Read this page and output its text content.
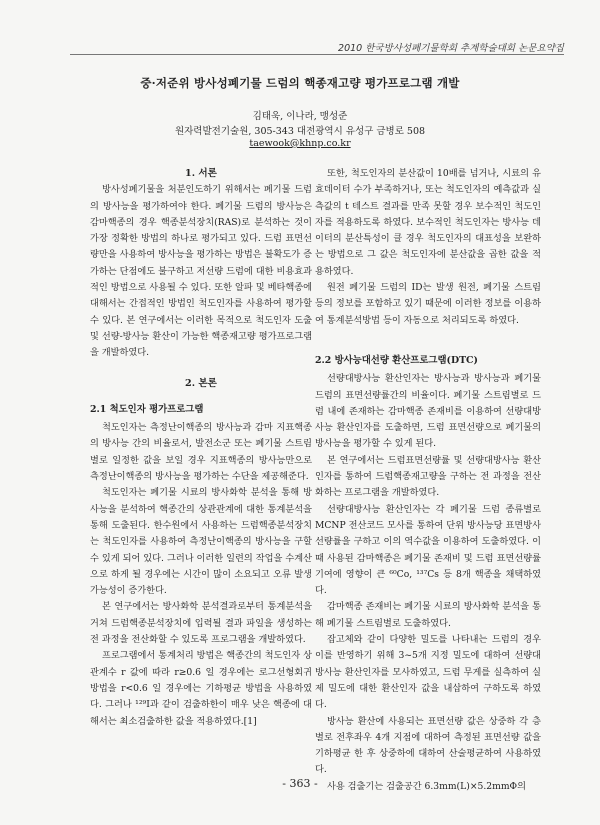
2010 한국방사성폐기물학회 추계학술대회 논문요약집
중·저준위 방사성폐기물 드럼의 핵종재고량 평가프로그램 개발
김태욱, 이나라, 맹성준
원자력발전기술원, 305-343 대전광역시 유성구 금병로 508
taewook@khnp.co.kr

1. 서론

방사성폐기물을 처분인도하기 위해서는 폐기물 드럼의 방사능을 평가하여야 한다. 폐기물 드럼의 방사능은 감마핵종의 경우 핵종분석장치(RAS)로 분석하는 것이 가장 정확한 방법의 하나로 평가되고 있다. 드럼 표면선량만을 사용하여 방사능을 평가하는 방법은 불확도가 증가하는 단점에도 불구하고 저선량 드럼에 대한 비용효과적인 방법으로 사용될 수 있다. 또한 알파 및 베타핵종에 대해서는 간접적인 방법인 척도인자를 사용하여 평가할 수 있다. 본 연구에서는 이러한 목적으로 척도인자 도출 및 선량-방사능 환산이 가능한 핵종재고량 평가프로그램을 개발하였다.

2. 본론

2.1 척도인자 평가프로그램

척도인자는 측정난이핵종의 방사능과 감마 지표핵종의 방사능 간의 비율로서, 발전소군 또는 폐기물 스트림별로 일정한 값을 보일 경우 지표핵종의 방사능만으로 측정난이핵종의 방사능을 평가하는 수단을 제공해준다.

척도인자는 폐기물 시료의 방사화학 분석을 통해 방사능을 분석하여 핵종간의 상관관계에 대한 통계분석을 통해 도출된다. 한수원에서 사용하는 드럼핵종분석장치는 척도인자를 사용하여 측정난이핵종의 방사능을 구할 수 있게 되어 있다. 그러나 이러한 일련의 작업을 수계산으로 하게 될 경우에는 시간이 많이 소요되고 오류 발생 가능성이 증가한다.

본 연구에서는 방사화학 분석결과로부터 통계분석을 거쳐 드럼핵종분석장치에 입력될 결과 파일을 생성하는 전 과정을 전산화할 수 있도록 프로그램을 개발하였다.

프로그램에서 통계처리 방법은 핵종간의 척도인자 상관계수 r 값에 따라 r≥0.6 일 경우에는 로그선형회귀 방법을 r<0.6 일 경우에는 기하평균 방법을 사용하였다. 그러나 ¹²⁹I과 같이 검출하한이 매우 낮은 핵종에 대해서는 최소검출하한 값을 적용하였다.[1]

또한, 척도인자의 분산값이 10배를 넘거나, 시료의 유효데이터 수가 부족하거나, 또는 척도인자의 예측값과 실측값의 t 테스트 결과를 만족 못할 경우 보수적인 척도인자를 적용하도록 하였다. 보수적인 척도인자는 방사능 데이터의 분산특성이 클 경우 척도인자의 대표성을 보완하는 방법으로 그 값은 척도인자에 분산값을 곱한 값을 적용하였다.

원전 폐기물 드럼의 ID는 발생 원전, 폐기물 스트림 등의 정보를 포함하고 있기 때문에 이러한 정보를 이용하여 통계분석방법 등이 자동으로 처리되도록 하였다.

2.2 방사능대선량 환산프로그램(DTC)

선량대방사능 환산인자는 방사능과 방사능과 폐기물 드럼의 표면선량률간의 비율이다. 폐기물 스트림별로 드럼 내에 존재하는 감마핵종 존재비를 이용하여 선량대방사능 환산인자를 도출하면, 드럼 표면선량으로 폐기물의 방사능을 평가할 수 있게 된다.

본 연구에서는 드럼표면선량률 및 선량대방사능 환산인자를 통하여 드럼핵종재고량을 구하는 전 과정을 전산화하는 프로그램을 개발하였다.

선량대방사능 환산인자는 각 폐기물 드럼 종류별로 MCNP 전산코드 모사를 통하여 단위 방사능당 표면방사선량률을 구하고 이의 역수값을 이용하여 도출하였다. 이때 사용된 감마핵종은 폐기물 존재비 및 드럼 표면선량률 기여에 영향이 큰 ⁶⁰Co, ¹³⁷Cs 등 8개 핵종을 채택하였다.

감마핵종 존재비는 폐기물 시료의 방사화학 분석을 통해 폐기물 스트림별로 도출하였다.

잡고체와 같이 다양한 밀도를 나타내는 드럼의 경우 이를 반영하기 위해 3~5개 지정 밀도에 대하여 선량대방사능 환산인자를 모사하였고, 드럼 무게를 실측하여 실제 밀도에 대한 환산인자 값을 내삽하여 구하도록 하였다.

방사능 환산에 사용되는 표면선량 값은 상중하 각 층별로 전후좌우 4개 지점에 대하여 측정된 표면선량 값을 기하평균 한 후 상중하에 대하여 산술평균하여 사용하였다.

사용 검출기는 검출공간 6.3mm(L)×5.2mmΦ의

- 363 -
